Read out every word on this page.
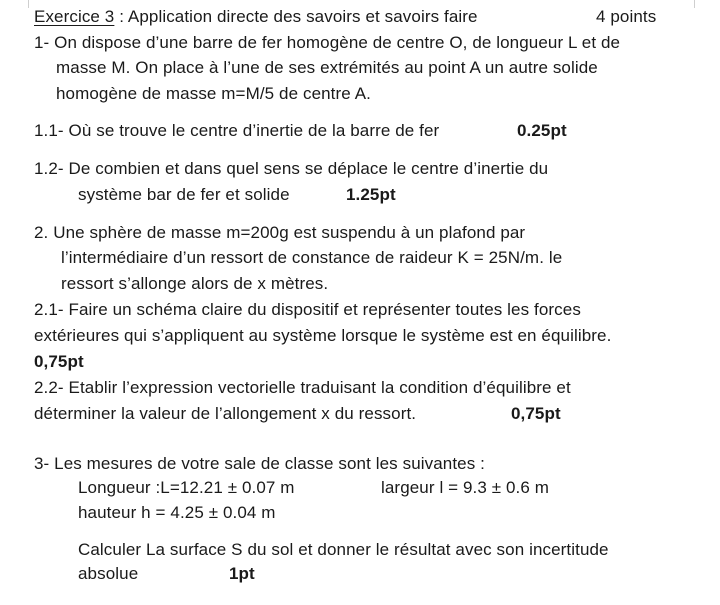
Exercice 3 : Application directe des savoirs et savoirs faire	4 points
1- On dispose d’une barre de fer homogène de centre O, de longueur L et de
masse M. On place à l’une de ses extrémités au point A un autre solide
homogène de masse m=M/5 de centre A.
1.1- Où se trouve le centre d’inertie de la barre de fer	0.25pt
1.2- De combien et dans quel sens se déplace le centre d’inertie du
système bar de fer et solide	1.25pt
2. Une sphère de masse m=200g est suspendu à un plafond par
l’intermédiaire d’un ressort de constance de raideur K = 25N/m. le
ressort s’allonge alors de x mètres.
2.1- Faire un schéma claire du dispositif et représenter toutes les forces
extérieures qui s’appliquent au système lorsque le système est en équilibre.
0,75pt
2.2- Etablir l’expression vectorielle traduisant la condition d’équilibre et
déterminer la valeur de l’allongement x du ressort.	0,75pt
3- Les mesures de votre sale de classe sont les suivantes :
Longueur :L=12.21 ± 0.07 m	largeur l = 9.3 ± 0.6 m
hauteur h = 4.25 ± 0.04 m
Calculer La surface S du sol et donner le résultat avec son incertitude
absolue	1pt
